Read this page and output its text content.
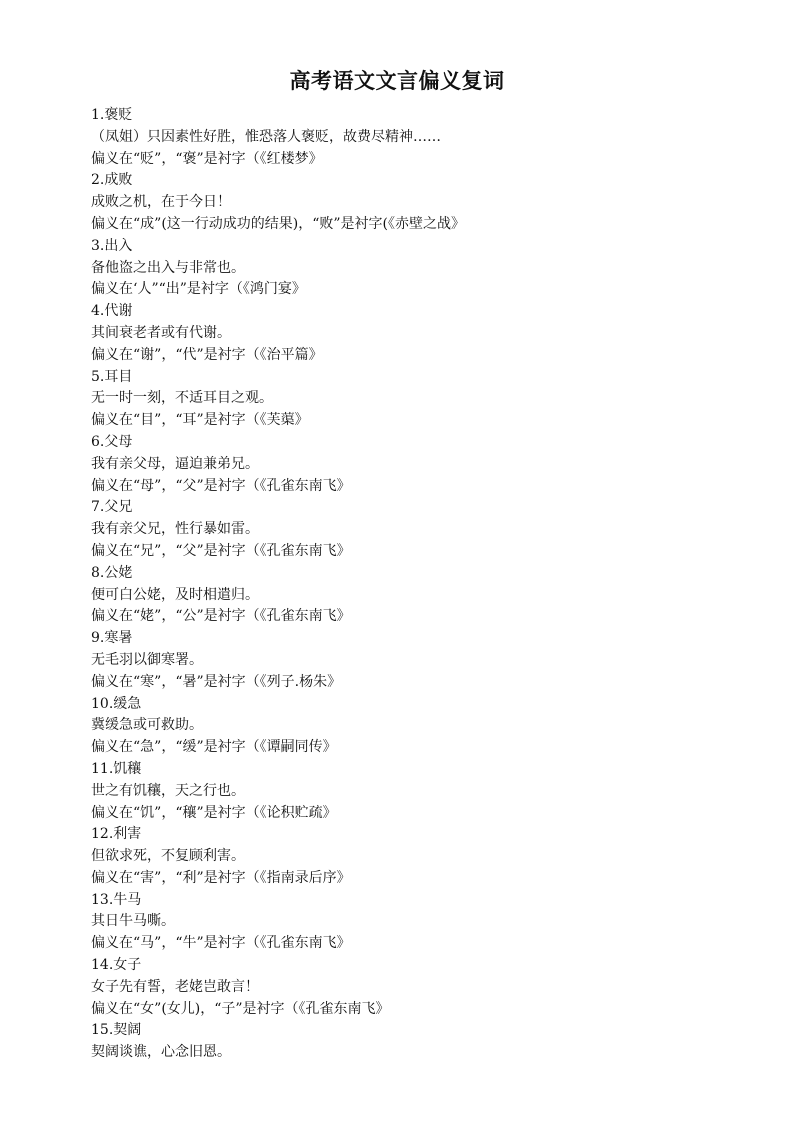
高考语文文言偏义复词
1.褒贬
（凤姐）只因素性好胜，惟恐落人褒贬，故费尽精神……
偏义在“贬”，“褒”是衬字（《红楼梦》
2.成败
成败之机，在于今日！
偏义在“成”(这一行动成功的结果)，“败”是衬字(《赤壁之战》
3.出入
备他盗之出入与非常也。
偏义在‘人”“出”是衬字（《鸿门宴》
4.代谢
其间衰老者或有代谢。
偏义在“谢”，“代”是衬字（《治平篇》
5.耳目
无一时一刻，不适耳目之观。
偏义在“目”，“耳”是衬字（《芙蕖》
6.父母
我有亲父母，逼迫兼弟兄。
偏义在“母”，“父”是衬字（《孔雀东南飞》
7.父兄
我有亲父兄，性行暴如雷。
偏义在“兄”，“父”是衬字（《孔雀东南飞》
8.公姥
便可白公姥，及时相遣归。
偏义在“姥”，“公”是衬字（《孔雀东南飞》
9.寒暑
无毛羽以御寒署。
偏义在“寒”，“暑”是衬字（《列子.杨朱》
10.缓急
冀缓急或可救助。
偏义在“急”，“缓”是衬字（《谭嗣同传》
11.饥穰
世之有饥穰，天之行也。
偏义在“饥”，“穰”是衬字（《论积贮疏》
12.利害
但欲求死，不复顾利害。
偏义在“害”，“利”是衬字（《指南录后序》
13.牛马
其日牛马嘶。
偏义在“马”，“牛”是衬字（《孔雀东南飞》
14.女子
女子先有誓，老姥岂敢言！
偏义在“女”(女儿)，“子”是衬字（《孔雀东南飞》
15.契阔
契阔谈谯，心念旧恩。
